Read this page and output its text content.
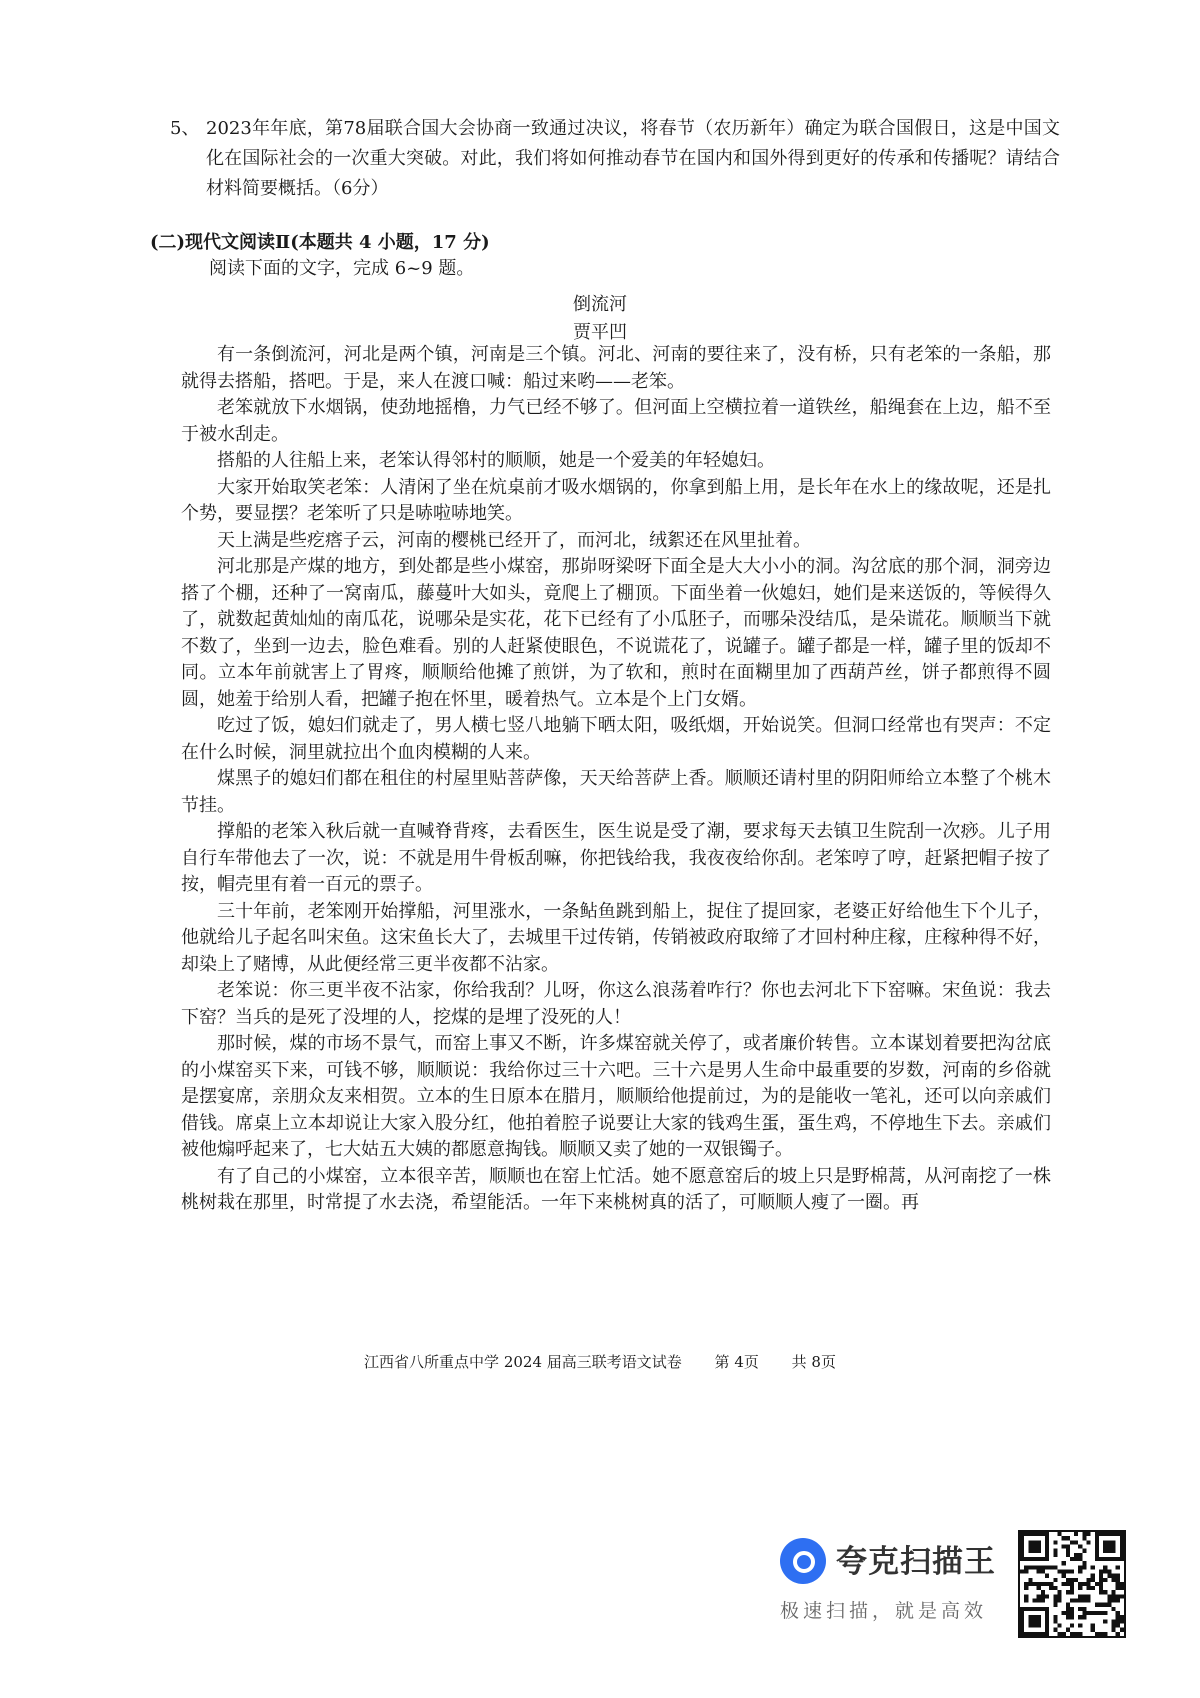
5、 2023年年底，第78届联合国大会协商一致通过决议，将春节（农历新年）确定为联合国假日，这是中国文化在国际社会的一次重大突破。对此，我们将如何推动春节在国内和国外得到更好的传承和传播呢？请结合材料简要概括。（6分）
(二)现代文阅读Ⅱ(本题共 4 小题，17 分)
阅读下面的文字，完成 6~9 题。
倒流河
贾平凹

有一条倒流河，河北是两个镇，河南是三个镇。河北、河南的要往来了，没有桥，只有老笨的一条船，那就得去搭船，搭吧。于是，来人在渡口喊：船过来哟——老笨。

老笨就放下水烟锅，使劲地摇橹，力气已经不够了。但河面上空横拉着一道铁丝，船绳套在上边，船不至于被水刮走。

搭船的人往船上来，老笨认得邻村的顺顺，她是一个爱美的年轻媳妇。

大家开始取笑老笨：人清闲了坐在炕桌前才吸水烟锅的，你拿到船上用，是长年在水上的缘故呢，还是扎个势，要显摆？老笨听了只是哧啦哧地笑。

天上满是些疙瘩子云，河南的樱桃已经开了，而河北，绒絮还在风里扯着。

河北那是产煤的地方，到处都是些小煤窑，那峁呀梁呀下面全是大大小小的洞。沟岔底的那个洞，洞旁边搭了个棚，还种了一窝南瓜，藤蔓叶大如头，竟爬上了棚顶。下面坐着一伙媳妇，她们是来送饭的，等候得久了，就数起黄灿灿的南瓜花，说哪朵是实花，花下已经有了小瓜胚子，而哪朵没结瓜，是朵谎花。顺顺当下就不数了，坐到一边去，脸色难看。别的人赶紧使眼色，不说谎花了，说罐子。罐子都是一样，罐子里的饭却不同。立本年前就害上了胃疼，顺顺给他摊了煎饼，为了软和，煎时在面糊里加了西葫芦丝，饼子都煎得不圆圆，她羞于给别人看，把罐子抱在怀里，暖着热气。立本是个上门女婿。

吃过了饭，媳妇们就走了，男人横七竖八地躺下晒太阳，吸纸烟，开始说笑。但洞口经常也有哭声：不定在什么时候，洞里就拉出个血肉模糊的人来。

煤黑子的媳妇们都在租住的村屋里贴菩萨像，天天给菩萨上香。顺顺还请村里的阴阳师给立本整了个桃木节挂。

撑船的老笨入秋后就一直喊脊背疼，去看医生，医生说是受了潮，要求每天去镇卫生院刮一次痧。儿子用自行车带他去了一次，说：不就是用牛骨板刮嘛，你把钱给我，我夜夜给你刮。老笨哼了哼，赶紧把帽子按了按，帽壳里有着一百元的票子。

三十年前，老笨刚开始撑船，河里涨水，一条鲇鱼跳到船上，捉住了提回家，老婆正好给他生下个儿子，他就给儿子起名叫宋鱼。这宋鱼长大了，去城里干过传销，传销被政府取缔了才回村种庄稼，庄稼种得不好，却染上了赌博，从此便经常三更半夜都不沾家。

老笨说：你三更半夜不沾家，你给我刮？儿呀，你这么浪荡着咋行？你也去河北下下窑嘛。宋鱼说：我去下窑？当兵的是死了没埋的人，挖煤的是埋了没死的人！

那时候，煤的市场不景气，而窑上事又不断，许多煤窑就关停了，或者廉价转售。立本谋划着要把沟岔底的小煤窑买下来，可钱不够，顺顺说：我给你过三十六吧。三十六是男人生命中最重要的岁数，河南的乡俗就是摆宴席，亲朋众友来相贺。立本的生日原本在腊月，顺顺给他提前过，为的是能收一笔礼，还可以向亲戚们借钱。席桌上立本却说让大家入股分红，他拍着腔子说要让大家的钱鸡生蛋，蛋生鸡，不停地生下去。亲戚们被他煽呼起来了，七大姑五大姨的都愿意掏钱。顺顺又卖了她的一双银镯子。

有了自己的小煤窑，立本很辛苦，顺顺也在窑上忙活。她不愿意窑后的坡上只是野棉蒿，从河南挖了一株桃树栽在那里，时常提了水去浇，希望能活。一年下来桃树真的活了，可顺顺人瘦了一圈。再

江西省八所重点中学 2024 届高三联考语文试卷 第 4页 共 8页
夸克扫描王
极速扫描，就是高效
